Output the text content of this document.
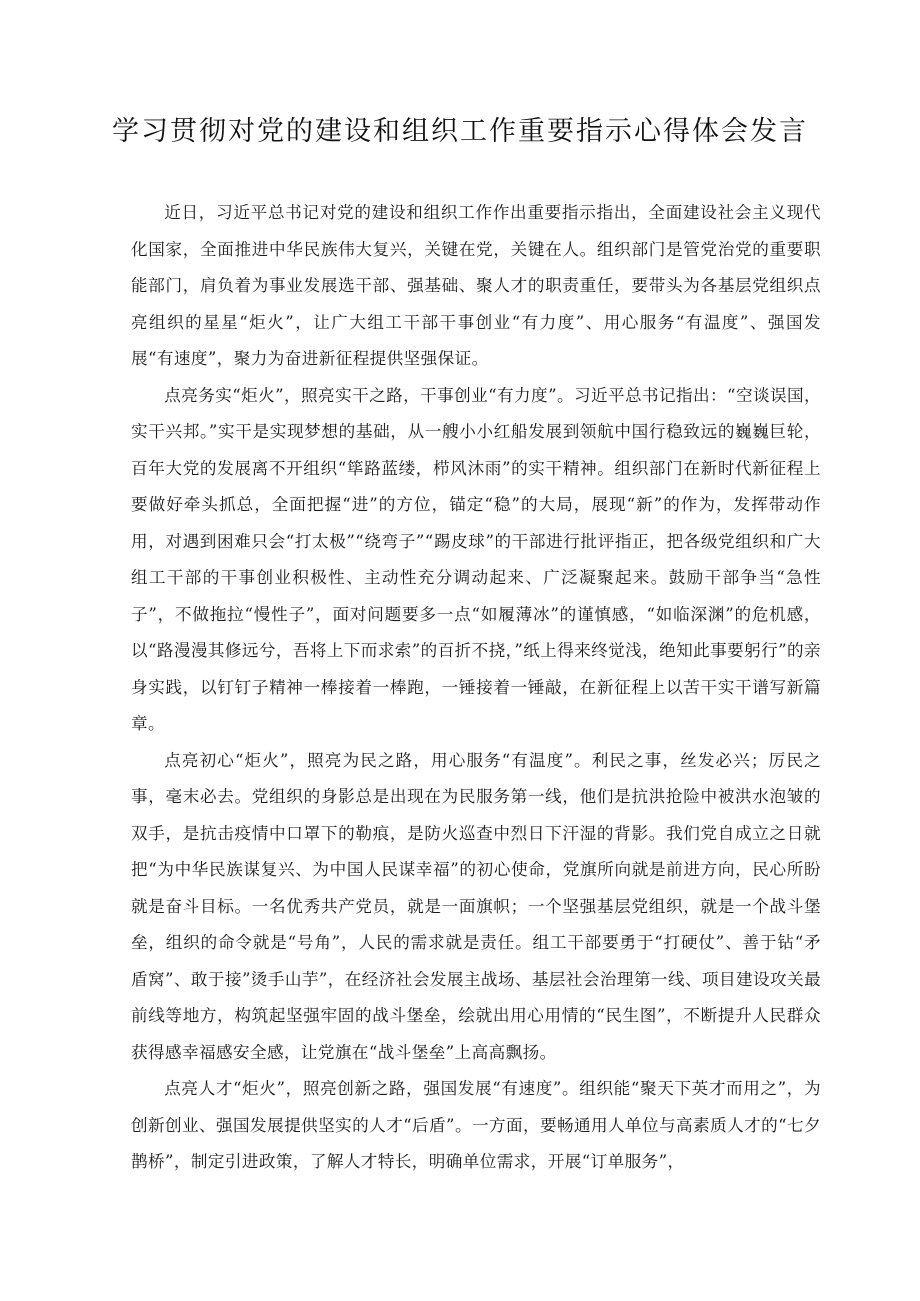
学习贯彻对党的建设和组织工作重要指示心得体会发言

近日，习近平总书记对党的建设和组织工作作出重要指示指出，全面建设社会主义现代化国家，全面推进中华民族伟大复兴，关键在党，关键在人。组织部门是管党治党的重要职能部门，肩负着为事业发展选干部、强基础、聚人才的职责重任，要带头为各基层党组织点亮组织的星星“炬火”，让广大组工干部干事创业“有力度”、用心服务“有温度”、强国发展“有速度”，聚力为奋进新征程提供坚强保证。

点亮务实“炬火”，照亮实干之路，干事创业“有力度”。习近平总书记指出：“空谈误国，实干兴邦。”实干是实现梦想的基础，从一艘小小红船发展到领航中国行稳致远的巍巍巨轮，百年大党的发展离不开组织“筚路蓝缕，栉风沐雨”的实干精神。组织部门在新时代新征程上要做好牵头抓总，全面把握“进”的方位，锚定“稳”的大局，展现“新”的作为，发挥带动作用，对遇到困难只会“打太极”“绕弯子”“踢皮球”的干部进行批评指正，把各级党组织和广大组工干部的干事创业积极性、主动性充分调动起来、广泛凝聚起来。鼓励干部争当“急性子”，不做拖拉“慢性子”，面对问题要多一点“如履薄冰”的谨慎感，“如临深渊”的危机感，以“路漫漫其修远兮，吾将上下而求索”的百折不挠，”纸上得来终觉浅，绝知此事要躬行”的亲身实践，以钉钉子精神一棒接着一棒跑，一锤接着一锤敲，在新征程上以苦干实干谱写新篇章。

点亮初心“炬火”，照亮为民之路，用心服务“有温度”。利民之事，丝发必兴；厉民之事，毫末必去。党组织的身影总是出现在为民服务第一线，他们是抗洪抢险中被洪水泡皱的双手，是抗击疫情中口罩下的勒痕，是防火巡查中烈日下汗湿的背影。我们党自成立之日就把“为中华民族谋复兴、为中国人民谋幸福”的初心使命，党旗所向就是前进方向，民心所盼就是奋斗目标。一名优秀共产党员，就是一面旗帜；一个坚强基层党组织，就是一个战斗堡垒，组织的命令就是“号角”，人民的需求就是责任。组工干部要勇于“打硬仗”、善于钻“矛盾窝”、敢于接”烫手山芋”，在经济社会发展主战场、基层社会治理第一线、项目建设攻关最前线等地方，构筑起坚强牢固的战斗堡垒，绘就出用心用情的“民生图”，不断提升人民群众获得感幸福感安全感，让党旗在“战斗堡垒”上高高飘扬。

点亮人才“炬火”，照亮创新之路，强国发展“有速度”。组织能“聚天下英才而用之”，为创新创业、强国发展提供坚实的人才“后盾”。一方面，要畅通用人单位与高素质人才的“七夕鹊桥”，制定引进政策，了解人才特长，明确单位需求，开展“订单服务”，
